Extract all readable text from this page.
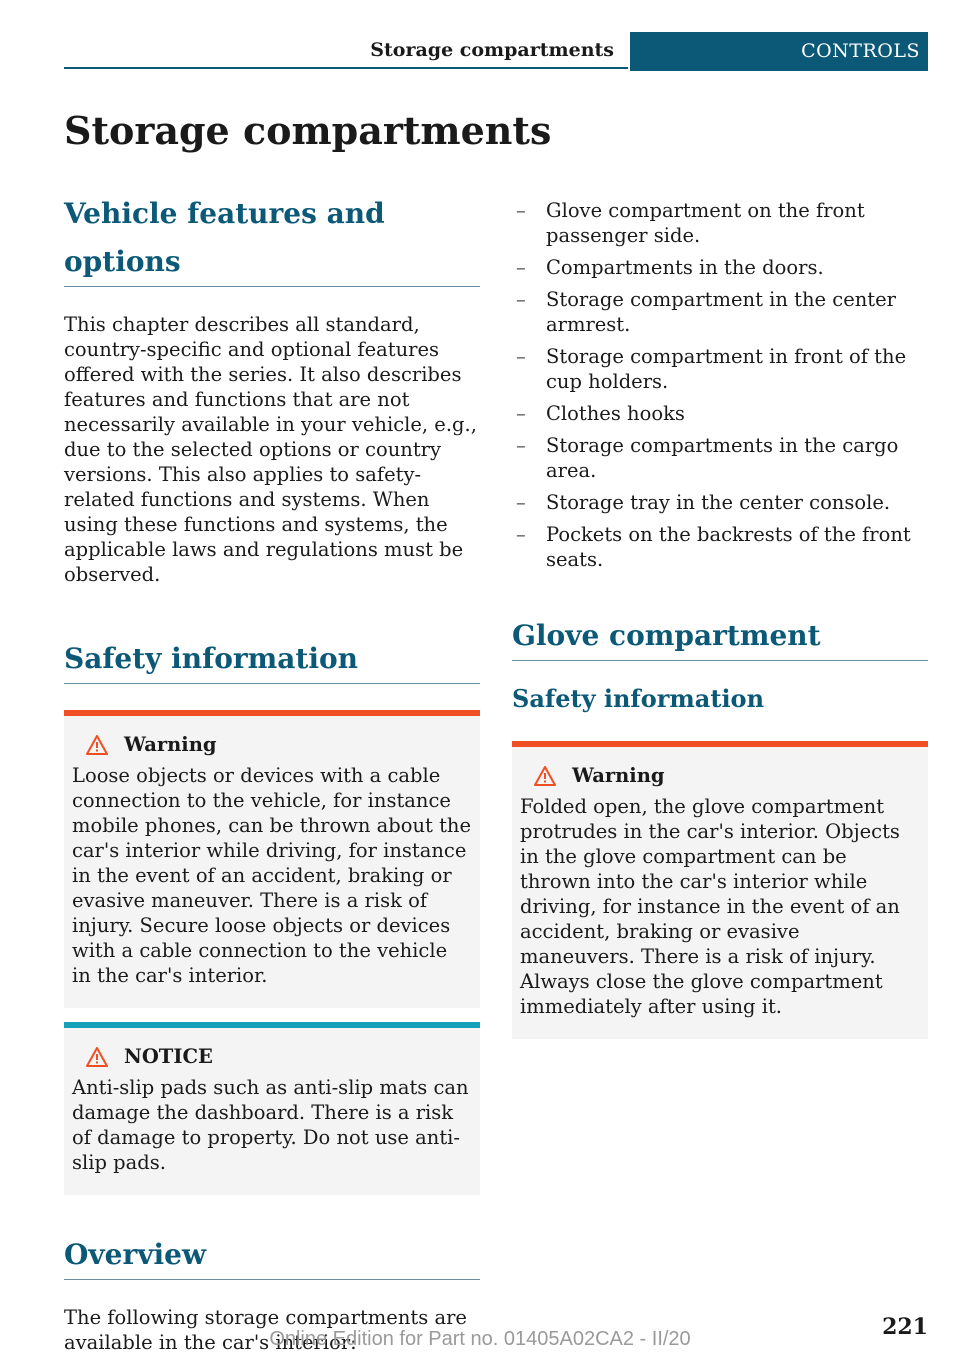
Storage compartments	CONTROLS
Storage compartments
Vehicle features and options

This chapter describes all standard, country-specific and optional features offered with the series. It also describes features and functions that are not necessarily available in your vehicle, e.g., due to the selected options or country versions. This also applies to safety-related functions and systems. When using these functions and systems, the applicable laws and regulations must be observed.

Safety information
Warning

Loose objects or devices with a cable connection to the vehicle, for instance mobile phones, can be thrown about the car's interior while driving, for instance in the event of an accident, braking or evasive maneuver. There is a risk of injury. Secure loose objects or devices with a cable connection to the vehicle in the car's interior.

NOTICE

Anti-slip pads such as anti-slip mats can damage the dashboard. There is a risk of damage to property. Do not use anti-slip pads.

Overview

The following storage compartments are available in the car's interior:

– Glove compartment on the front passenger side.
– Compartments in the doors.
– Storage compartment in the center armrest.
– Storage compartment in front of the cup holders.
– Clothes hooks
– Storage compartments in the cargo area.
– Storage tray in the center console.
– Pockets on the backrests of the front seats.
Glove compartment
Safety information
Warning

Folded open, the glove compartment protrudes in the car's interior. Objects in the glove compartment can be thrown into the car's interior while driving, for instance in the event of an accident, braking or evasive maneuvers. There is a risk of injury. Always close the glove compartment immediately after using it.

221
Online Edition for Part no. 01405A02CA2 - II/20
